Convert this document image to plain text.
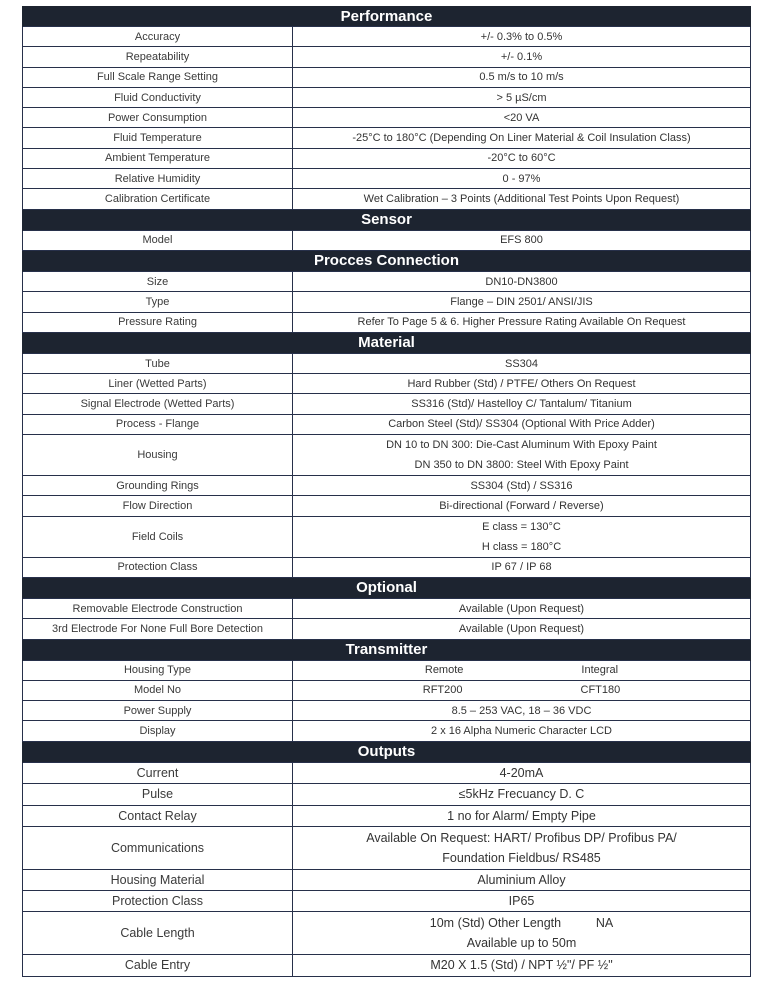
Performance	
Accuracy	+/- 0.3% to 0.5%
Repeatability	+/- 0.1%
Full Scale Range Setting	0.5 m/s to 10 m/s
Fluid Conductivity	> 5 µS/cm
Power Consumption	<20 VA
Fluid Temperature	-25°C to 180°C (Depending On Liner Material & Coil Insulation Class)
Ambient Temperature	-20°C to 60°C
Relative Humidity	0 - 97%
Calibration Certificate	Wet Calibration – 3 Points (Additional Test Points Upon Request)
Sensor	
Model	EFS 800
Procces Connection	
Size	DN10-DN3800
Type	Flange – DIN 2501/ ANSI/JIS
Pressure Rating	Refer To Page 5 & 6. Higher Pressure Rating Available On Request
Material	
Tube	SS304
Liner (Wetted Parts)	Hard Rubber (Std) / PTFE/ Others On Request
Signal Electrode (Wetted Parts)	SS316 (Std)/ Hastelloy C/ Tantalum/ Titanium
Process - Flange	Carbon Steel (Std)/ SS304 (Optional With Price Adder)
Housing	DN 10 to DN 300: Die-Cast Aluminum With Epoxy Paint
DN 350 to DN 3800: Steel With Epoxy Paint

Grounding Rings	SS304 (Std) / SS316
Flow Direction	Bi-directional (Forward / Reverse)
Field Coils	E class = 130°C
H class = 180°C

Protection Class	IP 67 / IP 68
Optional	
Removable Electrode Construction	Available (Upon Request)
3rd Electrode For None Full Bore Detection	Available (Upon Request)
Transmitter	
Housing Type	Remote Integral

Model No	RFT200 CFT180

Power Supply	8.5 – 253 VAC, 18 – 36 VDC
Display	2 x 16 Alpha Numeric Character LCD
Outputs	
Current	4-20mA
Pulse	≤5kHz Frecuancy D. C
Contact Relay	1 no for Alarm/ Empty Pipe
Communications	Available On Request: HART/ Profibus DP/ Profibus PA/
Foundation Fieldbus/ RS485

Housing Material	Aluminium Alloy
Protection Class	IP65
Cable Length	10m (Std) Other Length          NA
Available up to 50m

Cable Entry	M20 X 1.5 (Std) / NPT ½"/ PF ½"
